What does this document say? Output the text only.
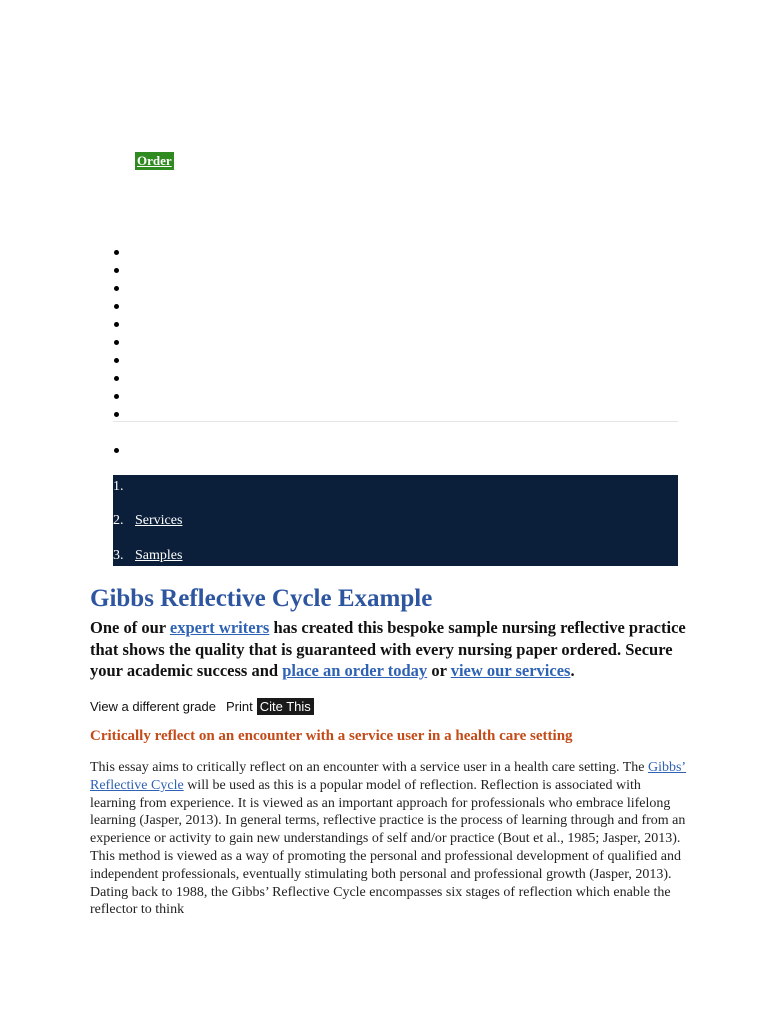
Order
1.
2. Services
3. Samples
Gibbs Reflective Cycle Example

One of our expert writers has created this bespoke sample nursing reflective practice that shows the quality that is guaranteed with every nursing paper ordered. Secure your academic success and place an order today or view our services.

View a different grade Print Cite This
Critically reflect on an encounter with a service user in a health care setting

This essay aims to critically reflect on an encounter with a service user in a health care setting. The Gibbs’ Reflective Cycle will be used as this is a popular model of reflection. Reflection is associated with learning from experience. It is viewed as an important approach for professionals who embrace lifelong learning (Jasper, 2013). In general terms, reflective practice is the process of learning through and from an experience or activity to gain new understandings of self and/or practice (Bout et al., 1985; Jasper, 2013). This method is viewed as a way of promoting the personal and professional development of qualified and independent professionals, eventually stimulating both personal and professional growth (Jasper, 2013). Dating back to 1988, the Gibbs’ Reflective Cycle encompasses six stages of reflection which enable the reflector to think
